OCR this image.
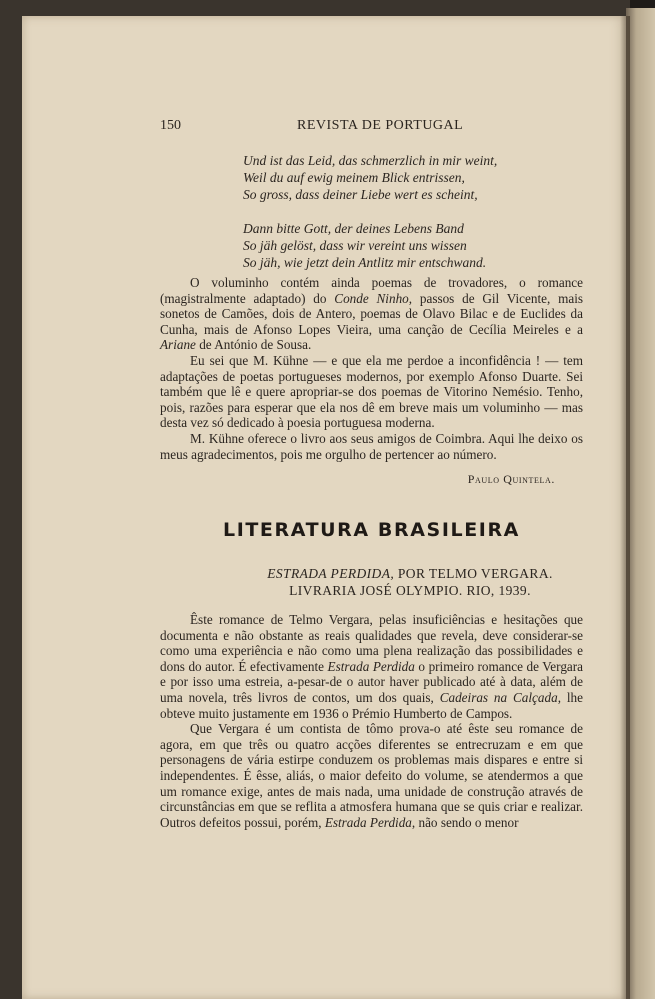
150	REVISTA DE PORTUGAL
Und ist das Leid, das schmerzlich in mir weint,
Weil du auf ewig meinem Blick entrissen,
So gross, dass deiner Liebe wert es scheint,
Dann bitte Gott, der deines Lebens Band
So jäh gelöst, dass wir vereint uns wissen
So jäh, wie jetzt dein Antlitz mir entschwand.

O voluminho contém ainda poemas de trovadores, o romance (magistralmente adaptado) do Conde Ninho, passos de Gil Vicente, mais sonetos de Camões, dois de Antero, poemas de Olavo Bilac e de Euclides da Cunha, mais de Afonso Lopes Vieira, uma canção de Cecília Meireles e a Ariane de António de Sousa.

Eu sei que M. Kühne — e que ela me perdoe a inconfidência ! — tem adaptações de poetas portugueses modernos, por exemplo Afonso Duarte. Sei também que lê e quere apropriar-se dos poemas de Vitorino Nemésio. Tenho, pois, razões para esperar que ela nos dê em breve mais um voluminho — mas desta vez só dedicado à poesia portuguesa moderna.

M. Kühne oferece o livro aos seus amigos de Coimbra. Aqui lhe deixo os meus agradecimentos, pois me orgulho de pertencer ao número.

Paulo Quintela.
LITERATURA BRASILEIRA
ESTRADA PERDIDA, POR TELMO VERGARA. LIVRARIA JOSÉ OLYMPIO. RIO, 1939.

Êste romance de Telmo Vergara, pelas insuficiências e hesitações que documenta e não obstante as reais qualidades que revela, deve considerar-se como uma experiência e não como uma plena realização das possibilidades e dons do autor. É efectivamente Estrada Perdida o primeiro romance de Vergara e por isso uma estreia, a-pesar-de o autor haver publicado até à data, além de uma novela, três livros de contos, um dos quais, Cadeiras na Calçada, lhe obteve muito justamente em 1936 o Prémio Humberto de Campos.

Que Vergara é um contista de tômo prova-o até êste seu romance de agora, em que três ou quatro acções diferentes se entrecruzam e em que personagens de vária estirpe conduzem os problemas mais dispares e entre si independentes. É êsse, aliás, o maior defeito do volume, se atendermos a que um romance exige, antes de mais nada, uma unidade de construção através de circunstâncias em que se reflita a atmosfera humana que se quis criar e realizar. Outros defeitos possui, porém, Estrada Perdida, não sendo o menor
